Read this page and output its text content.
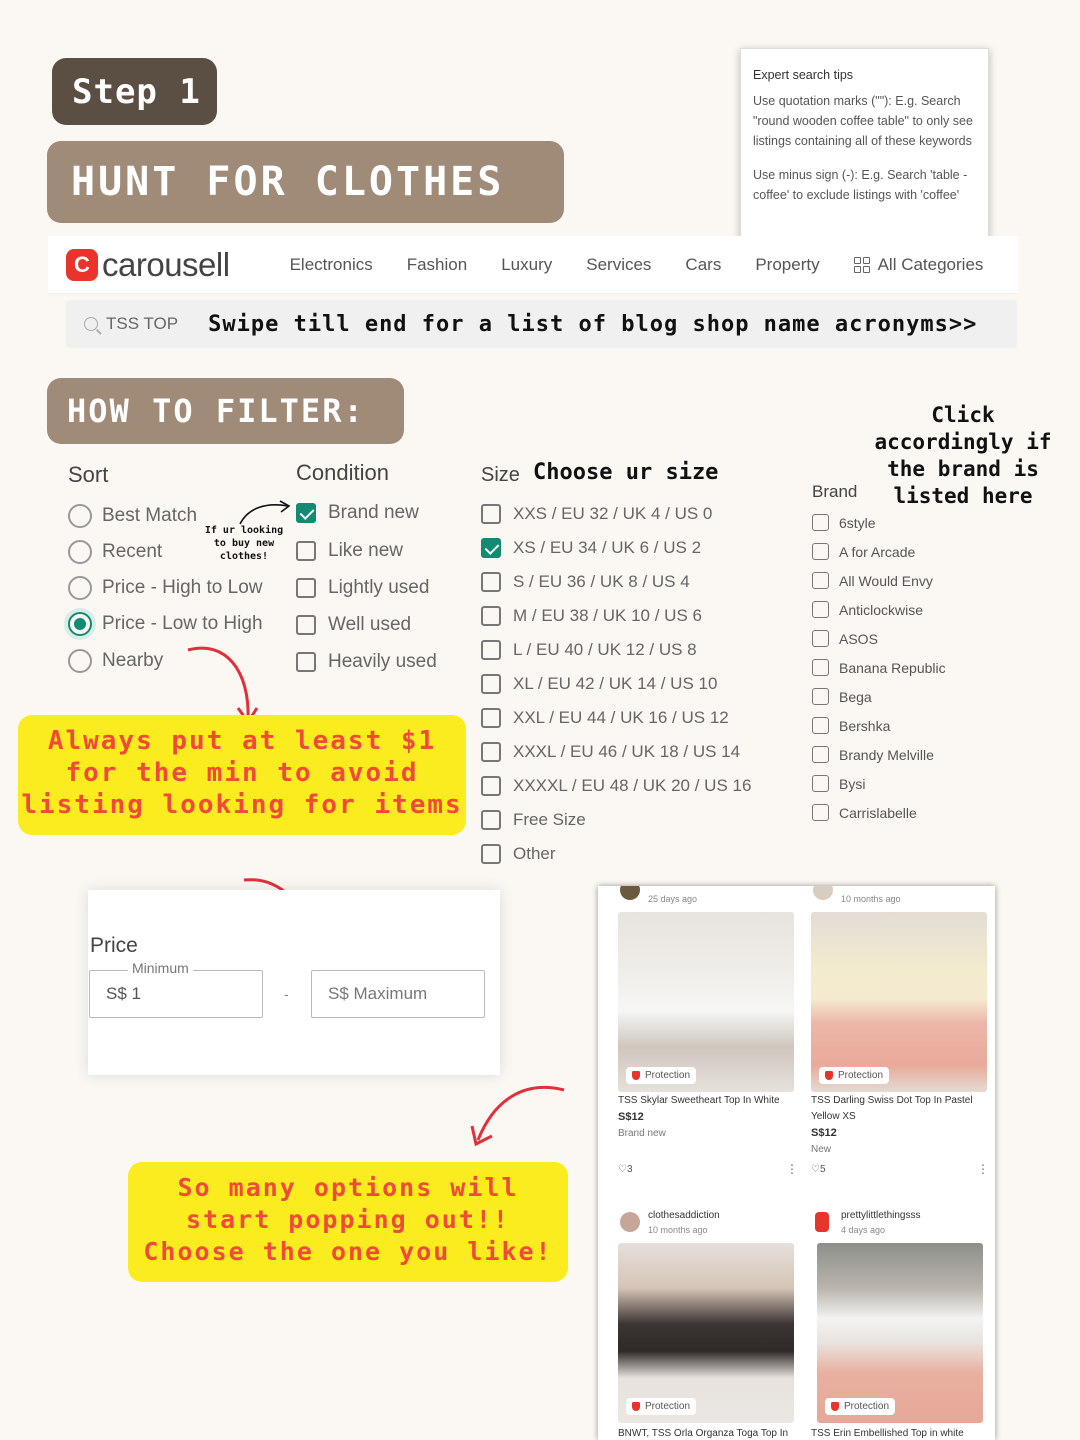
Step 1
HUNT FOR CLOTHES
Expert search tips

Use quotation marks (""): E.g. Search "round wooden coffee table" to only see listings containing all of these keywords

Use minus sign (-): E.g. Search 'table -coffee' to exclude listings with 'coffee'

C carousell	Electronics Fashion Luxury Services Cars Property	All Categories
TSS TOP Swipe till end for a list of blog shop name acronyms>>
HOW TO FILTER:
Sort
Best Match
Recent
Price - High to Low
Price - Low to High
Nearby
If ur looking to buy new clothes!
Condition
Brand new
Like new
Lightly used
Well used
Heavily used
Size Choose ur size
XXS / EU 32 / UK 4 / US 0
XS / EU 34 / UK 6 / US 2
S / EU 36 / UK 8 / US 4
M / EU 38 / UK 10 / US 6
L / EU 40 / UK 12 / US 8
XL / EU 42 / UK 14 / US 10
XXL / EU 44 / UK 16 / US 12
XXXL / EU 46 / UK 18 / US 14
XXXXL / EU 48 / UK 20 / US 16
Free Size
Other
Click accordingly if the brand is listed here
Brand
6style
A for Arcade
All Would Envy
Anticlockwise
ASOS
Banana Republic
Bega
Bershka
Brandy Melville
Bysi
Carrislabelle
Always put at least $1 for the min to avoid listing looking for items
Price
S$ 1
Minimum
-	S$ Maximum
So many options will start popping out!! Choose the one you like!
25 days ago
Protection
TSS Skylar Sweetheart Top In White
S$12
Brand new
♡3	⋮
10 months ago
Protection
TSS Darling Swiss Dot Top In Pastel Yellow XS
S$12
New
♡5	⋮
clothesaddiction
10 months ago
Protection
BNWT, TSS Orla Organza Toga Top In
prettylittlethingsss
4 days ago
Protection
TSS Erin Embellished Top in white
